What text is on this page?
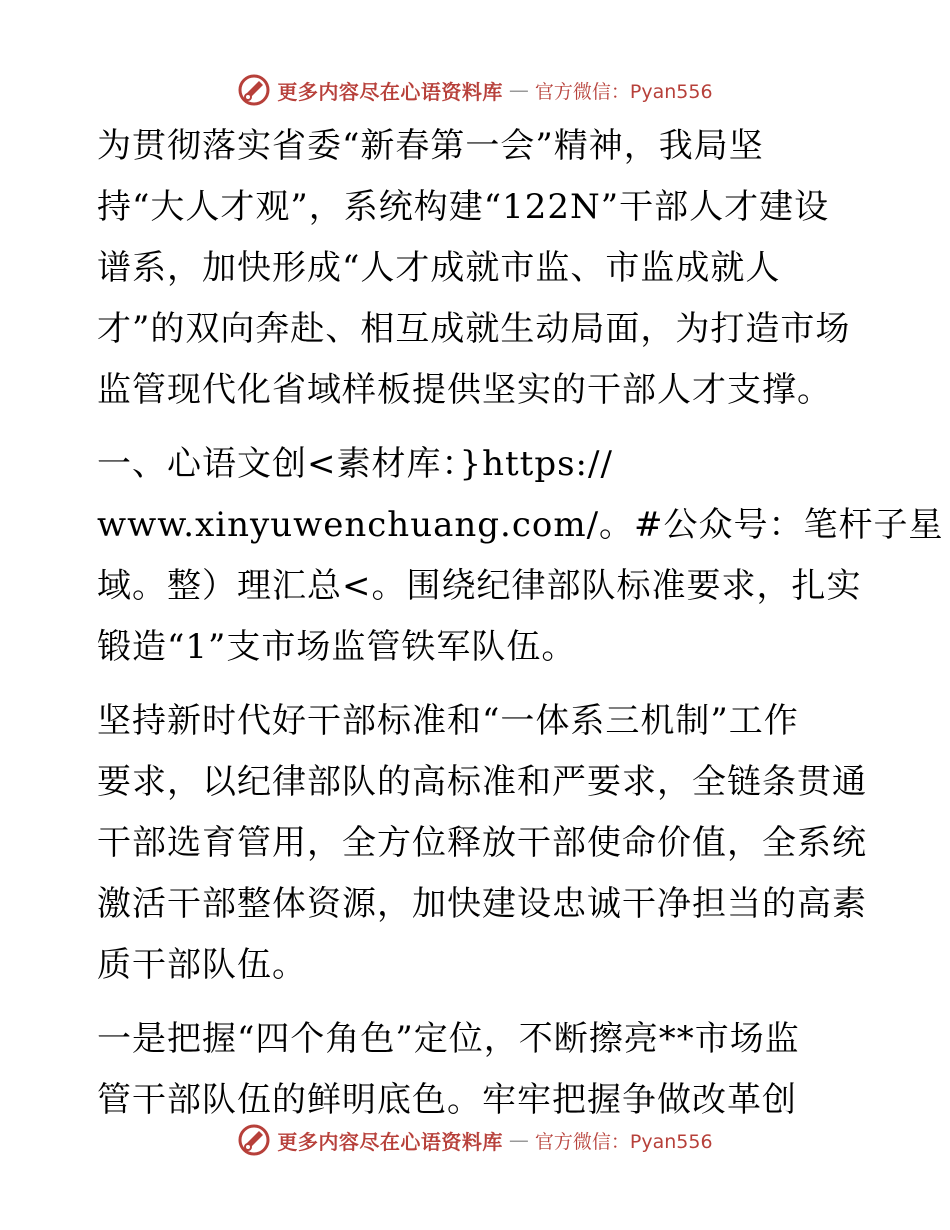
更多内容尽在心语资料库 — 官方微信：Pyan556
为贯彻落实省委“新春第一会”精神，我局坚
持“大人才观”，系统构建“122N”干部人才建设
谱系，加快形成“人才成就市监、市监成就人
才”的双向奔赴、相互成就生动局面，为打造市场
监管现代化省域样板提供坚实的干部人才支撑。
一、心语文创<素材库：}https://
www.xinyuwenchuang.com/。#公众号：笔杆子星
域。整）理汇总<。围绕纪律部队标准要求，扎实
锻造“1”支市场监管铁军队伍。
坚持新时代好干部标准和“一体系三机制”工作
要求，以纪律部队的高标准和严要求，全链条贯通
干部选育管用，全方位释放干部使命价值，全系统
激活干部整体资源，加快建设忠诚干净担当的高素
质干部队伍。
一是把握“四个角色”定位，不断擦亮**市场监
管干部队伍的鲜明底色。牢牢把握争做改革创
更多内容尽在心语资料库 — 官方微信：Pyan556
